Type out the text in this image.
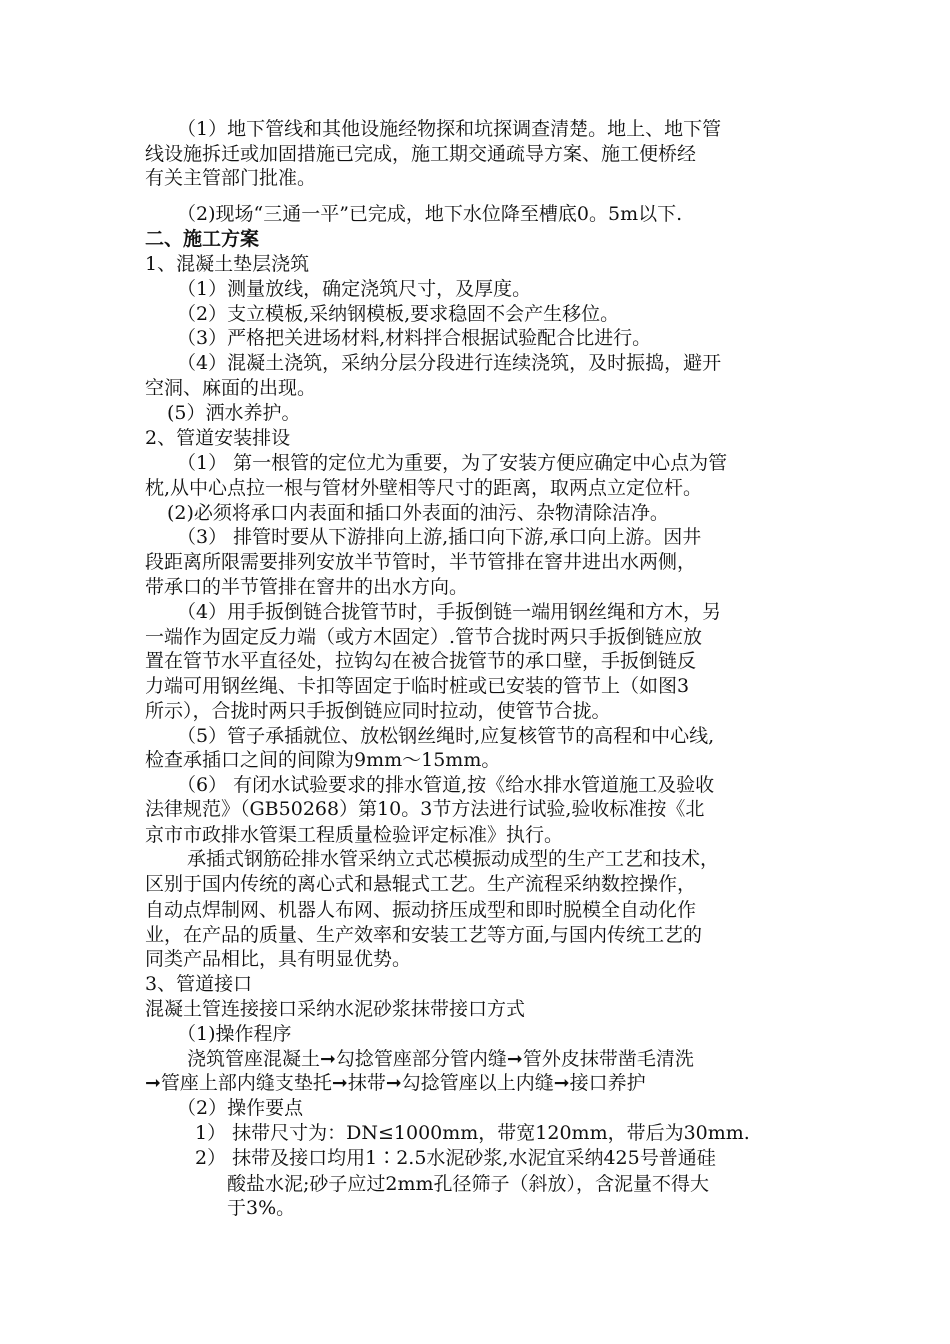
（1）地下管线和其他设施经物探和坑探调查清楚。地上、地下管
线设施拆迁或加固措施已完成，施工期交通疏导方案、施工便桥经
有关主管部门批准。
（2)现场“三通一平”已完成，地下水位降至槽底0。5m以下.
二、施工方案
1、混凝土垫层浇筑
（1）测量放线，确定浇筑尺寸，及厚度。
（2）支立模板,采纳钢模板,要求稳固不会产生移位。
（3）严格把关进场材料,材料拌合根据试验配合比进行。
（4）混凝土浇筑，采纳分层分段进行连续浇筑，及时振捣，避开
空洞、麻面的出现。
(5）洒水养护。
2、管道安装排设
（1） 第一根管的定位尤为重要，为了安装方便应确定中心点为管
枕,从中心点拉一根与管材外壁相等尺寸的距离，取两点立定位杆。
(2)必须将承口内表面和插口外表面的油污、杂物清除洁净。
（3） 排管时要从下游排向上游,插口向下游,承口向上游。因井
段距离所限需要排列安放半节管时，半节管排在窨井进出水两侧，
带承口的半节管排在窨井的出水方向。
（4）用手扳倒链合拢管节时，手扳倒链一端用钢丝绳和方木，另
一端作为固定反力端（或方木固定）.管节合拢时两只手扳倒链应放
置在管节水平直径处，拉钩勾在被合拢管节的承口壁，手扳倒链反
力端可用钢丝绳、卡扣等固定于临时桩或已安装的管节上（如图3
所示），合拢时两只手扳倒链应同时拉动，使管节合拢。
（5）管子承插就位、放松钢丝绳时,应复核管节的高程和中心线,
检查承插口之间的间隙为9mm～15mm。
（6） 有闭水试验要求的排水管道,按《给水排水管道施工及验收
法律规范》（GB50268）第10。3节方法进行试验,验收标准按《北
京市市政排水管渠工程质量检验评定标准》执行。
承插式钢筋砼排水管采纳立式芯模振动成型的生产工艺和技术，
区别于国内传统的离心式和悬辊式工艺。生产流程采纳数控操作，
自动点焊制网、机器人布网、振动挤压成型和即时脱模全自动化作
业，在产品的质量、生产效率和安装工艺等方面,与国内传统工艺的
同类产品相比，具有明显优势。
3、管道接口
混凝土管连接接口采纳水泥砂浆抹带接口方式
（1)操作程序
浇筑管座混凝土➞勾捻管座部分管内缝➞管外皮抹带凿毛清洗
➞管座上部内缝支垫托➞抹带➞勾捻管座以上内缝➞接口养护
（2）操作要点
1） 抹带尺寸为：DN≤1000mm，带宽120mm，带后为30mm.
2） 抹带及接口均用1∶2.5水泥砂浆,水泥宜采纳425号普通硅
酸盐水泥;砂子应过2mm孔径筛子（斜放），含泥量不得大
于3%。
